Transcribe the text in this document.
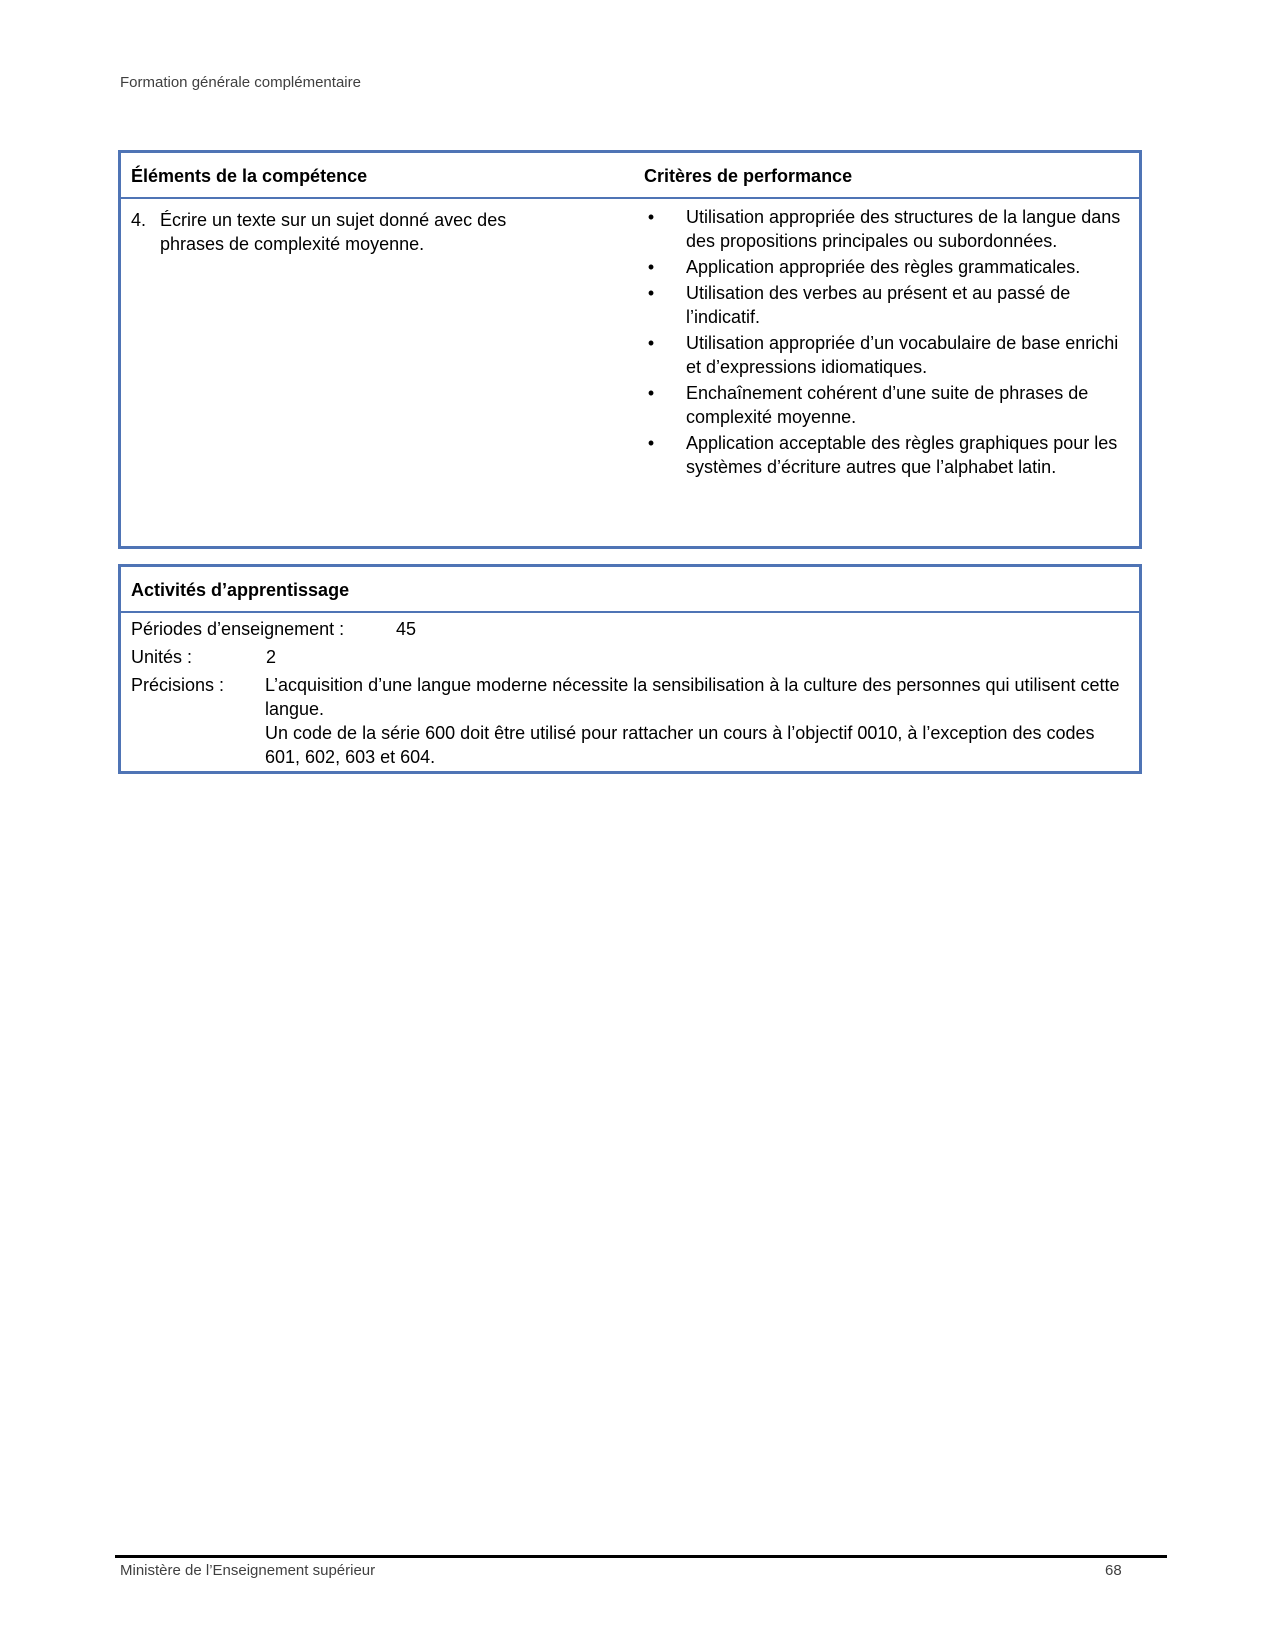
Formation générale complémentaire
Éléments de la compétence	Critères de performance
4. Écrire un texte sur un sujet donné avec des phrases de complexité moyenne.
• Utilisation appropriée des structures de la langue dans des propositions principales ou subordonnées.
• Application appropriée des règles grammaticales.
• Utilisation des verbes au présent et au passé de l’indicatif.
• Utilisation appropriée d’un vocabulaire de base enrichi et d’expressions idiomatiques.
• Enchaînement cohérent d’une suite de phrases de complexité moyenne.
• Application acceptable des règles graphiques pour les systèmes d’écriture autres que l’alphabet latin.
Activités d’apprentissage
Périodes d’enseignement :	45
Unités :	2
Précisions : L’acquisition d’une langue moderne nécessite la sensibilisation à la culture des personnes qui utilisent cette langue.
Un code de la série 600 doit être utilisé pour rattacher un cours à l’objectif 0010, à l’exception des codes 601, 602, 603 et 604.
Ministère de l’Enseignement supérieur	68
